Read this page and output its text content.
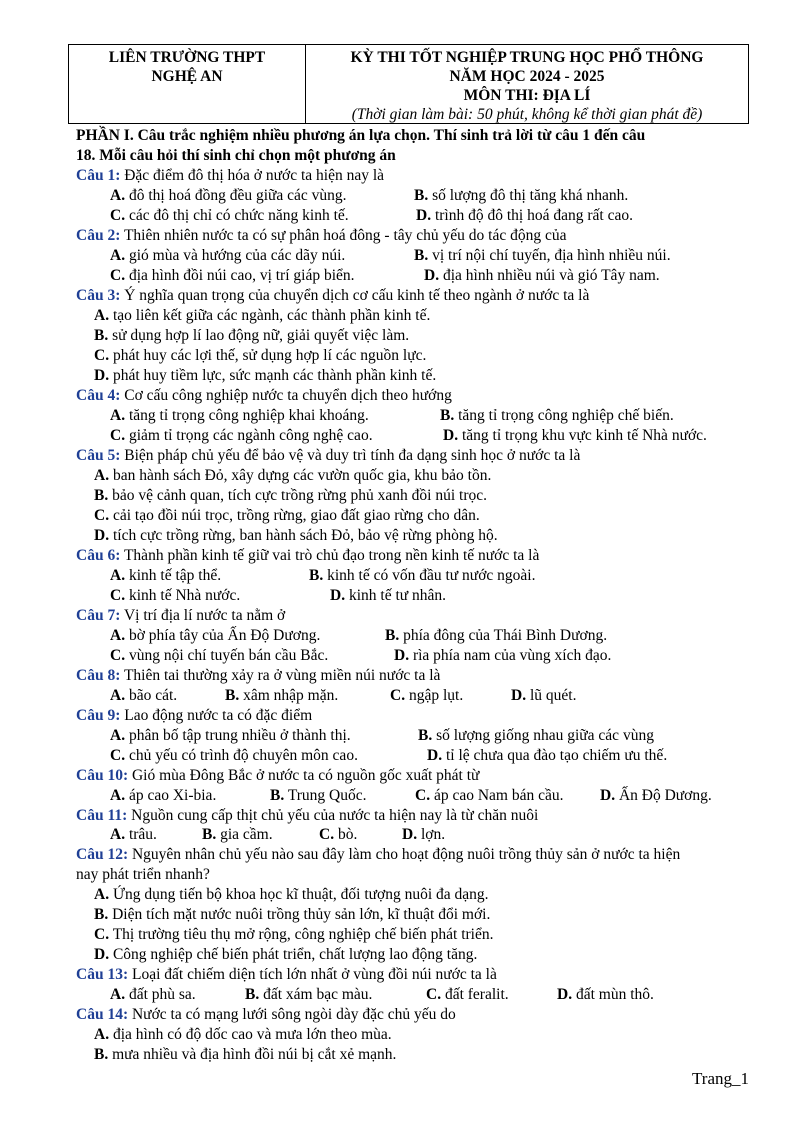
LIÊN TRƯỜNG THPT
NGHỆ AN
KỲ THI TỐT NGHIỆP TRUNG HỌC PHỔ THÔNG
NĂM HỌC 2024 - 2025
MÔN THI: ĐỊA LÍ
(Thời gian làm bài: 50 phút, không kể thời gian phát đề)
PHẦN I. Câu trắc nghiệm nhiều phương án lựa chọn. Thí sinh trả lời từ câu 1 đến câu
18. Mỗi câu hỏi thí sinh chỉ chọn một phương án
Câu 1: Đặc điểm đô thị hóa ở nước ta hiện nay là
A. đô thị hoá đồng đều giữa các vùng.	B. số lượng đô thị tăng khá nhanh.
C. các đô thị chỉ có chức năng kinh tế.	D. trình độ đô thị hoá đang rất cao.
Câu 2: Thiên nhiên nước ta có sự phân hoá đông - tây chủ yếu do tác động của
A. gió mùa và hướng của các dãy núi.	B. vị trí nội chí tuyến, địa hình nhiều núi.
C. địa hình đồi núi cao, vị trí giáp biển.	D. địa hình nhiều núi và gió Tây nam.
Câu 3: Ý nghĩa quan trọng của chuyển dịch cơ cấu kinh tế theo ngành ở nước ta là
A. tạo liên kết giữa các ngành, các thành phần kinh tế.
B. sử dụng hợp lí lao động nữ, giải quyết việc làm.
C. phát huy các lợi thế, sử dụng hợp lí các nguồn lực.
D. phát huy tiềm lực, sức mạnh các thành phần kinh tế.
Câu 4: Cơ cấu công nghiệp nước ta chuyển dịch theo hướng
A. tăng tỉ trọng công nghiệp khai khoáng.	B. tăng tỉ trọng công nghiệp chế biến.
C. giảm tỉ trọng các ngành công nghệ cao.	D. tăng tỉ trọng khu vực kinh tế Nhà nước.
Câu 5: Biện pháp chủ yếu để bảo vệ và duy trì tính đa dạng sinh học ở nước ta là
A. ban hành sách Đỏ, xây dựng các vườn quốc gia, khu bảo tồn.
B. bảo vệ cảnh quan, tích cực trồng rừng phủ xanh đồi núi trọc.
C. cải tạo đồi núi trọc, trồng rừng, giao đất giao rừng cho dân.
D. tích cực trồng rừng, ban hành sách Đỏ, bảo vệ rừng phòng hộ.
Câu 6: Thành phần kinh tế giữ vai trò chủ đạo trong nền kinh tế nước ta là
A. kinh tế tập thể.	B. kinh tế có vốn đầu tư nước ngoài.
C. kinh tế Nhà nước.	D. kinh tế tư nhân.
Câu 7: Vị trí địa lí nước ta nằm ở
A. bờ phía tây của Ấn Độ Dương.	B. phía đông của Thái Bình Dương.
C. vùng nội chí tuyến bán cầu Bắc.	D. rìa phía nam của vùng xích đạo.
Câu 8: Thiên tai thường xảy ra ở vùng miền núi nước ta là
A. bão cát.	B. xâm nhập mặn.	C. ngập lụt.	D. lũ quét.
Câu 9: Lao động nước ta có đặc điểm
A. phân bố tập trung nhiều ở thành thị.	B. số lượng giống nhau giữa các vùng
C. chủ yếu có trình độ chuyên môn cao.	D. tỉ lệ chưa qua đào tạo chiếm ưu thế.
Câu 10: Gió mùa Đông Bắc ở nước ta có nguồn gốc xuất phát từ
A. áp cao Xi-bia.	B. Trung Quốc.	C. áp cao Nam bán cầu. D. Ấn Độ Dương.
Câu 11: Nguồn cung cấp thịt chủ yếu của nước ta hiện nay là từ chăn nuôi
A. trâu.	B. gia cầm.	C. bò.	D. lợn.
Câu 12: Nguyên nhân chủ yếu nào sau đây làm cho hoạt động nuôi trồng thủy sản ở nước ta hiện
nay phát triển nhanh?
A. Ứng dụng tiến bộ khoa học kĩ thuật, đối tượng nuôi đa dạng.
B. Diện tích mặt nước nuôi trồng thủy sản lớn, kĩ thuật đổi mới.
C. Thị trường tiêu thụ mở rộng, công nghiệp chế biến phát triển.
D. Công nghiệp chế biến phát triển, chất lượng lao động tăng.
Câu 13: Loại đất chiếm diện tích lớn nhất ở vùng đồi núi nước ta là
A. đất phù sa.	B. đất xám bạc màu.	C. đất feralit.	D. đất mùn thô.
Câu 14: Nước ta có mạng lưới sông ngòi dày đặc chủ yếu do
A. địa hình có độ dốc cao và mưa lớn theo mùa.
B. mưa nhiều và địa hình đồi núi bị cắt xẻ mạnh.
Trang_1
